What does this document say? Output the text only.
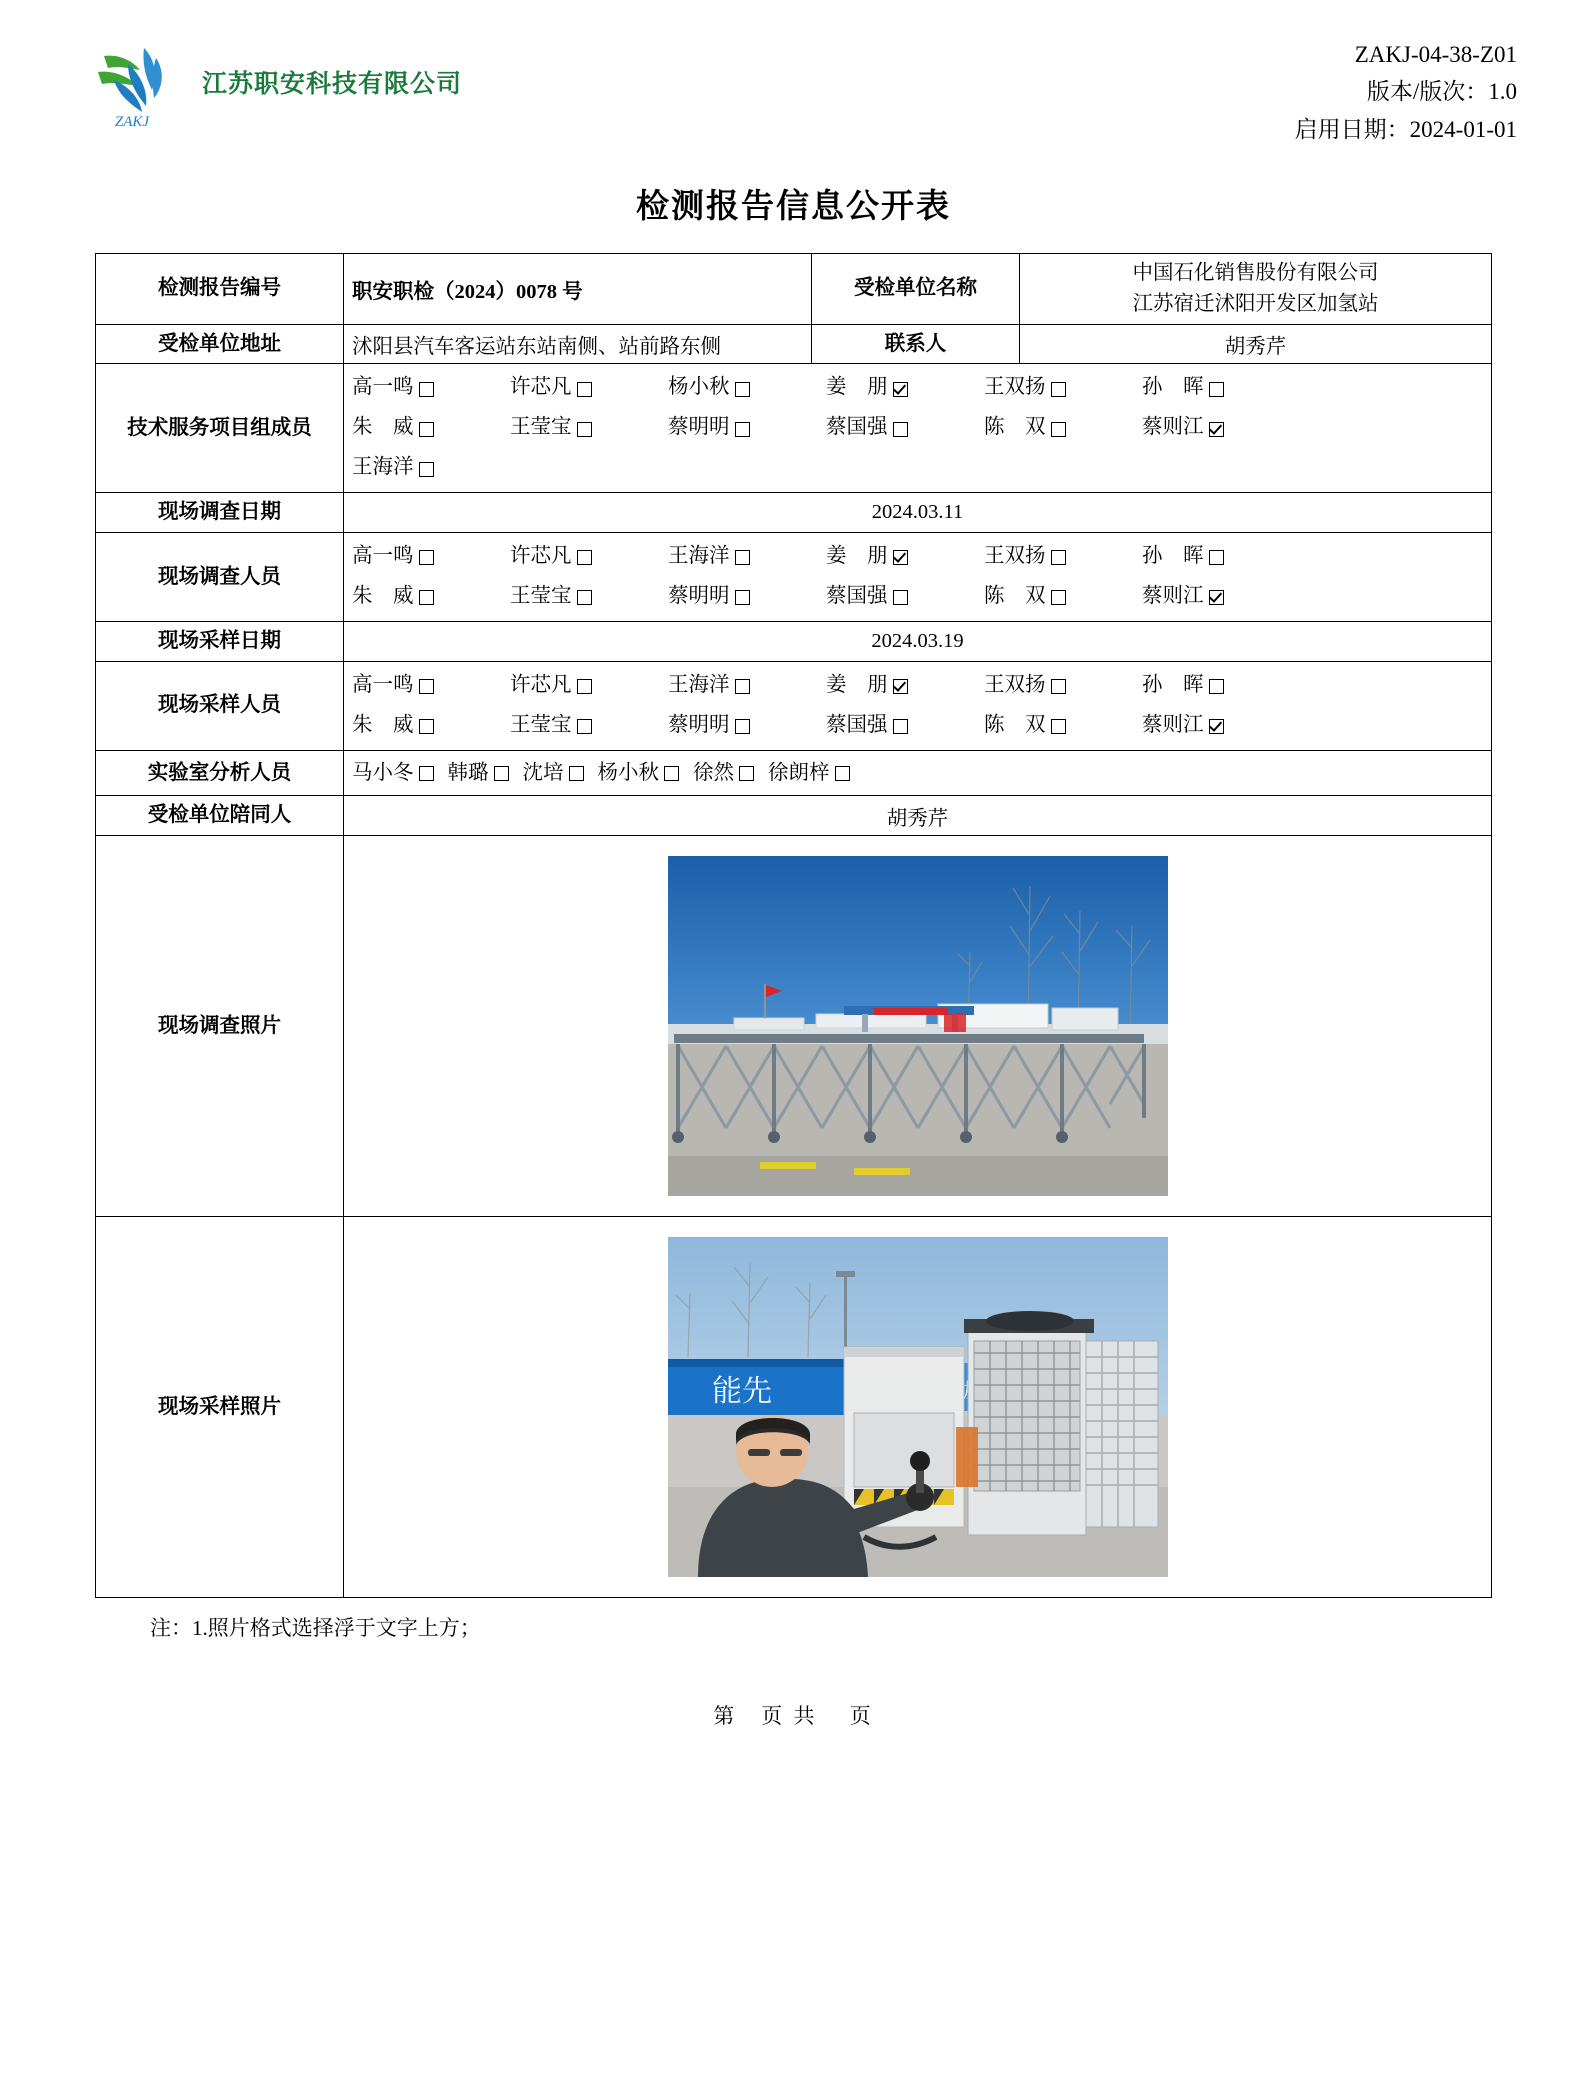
ZAKJ
江苏职安科技有限公司
ZAKJ-04-38-Z01
版本/版次：1.0
启用日期：2024-01-01
检测报告信息公开表
检测报告编号	职安职检（2024）0078 号	受检单位名称	中国石化销售股份有限公司
江苏宿迁沭阳开发区加氢站

受检单位地址	沭阳县汽车客运站东站南侧、站前路东侧	联系人	胡秀芹
技术服务项目组成员	
高一鸣	许芯凡	杨小秋	姜　朋	王双扬	孙　晖
朱　威	王莹宝	蔡明明	蔡国强	陈　双	蔡则江
王海洋

现场调查日期	2024.03.11		
现场调查人员	
高一鸣	许芯凡	王海洋	姜　朋	王双扬	孙　晖
朱　威	王莹宝	蔡明明	蔡国强	陈　双	蔡则江

现场采样日期	2024.03.19		
现场采样人员	
高一鸣	许芯凡	王海洋	姜　朋	王双扬	孙　晖
朱　威	王莹宝	蔡明明	蔡国强	陈　双	蔡则江

实验室分析人员	马小冬 韩璐 沈培 杨小秋 徐然 徐朗梓

受检单位陪同人	胡秀芹		
现场调查照片	

现场采样照片	能先		
注：1.照片格式选择浮于文字上方；
第　页 共　 页
